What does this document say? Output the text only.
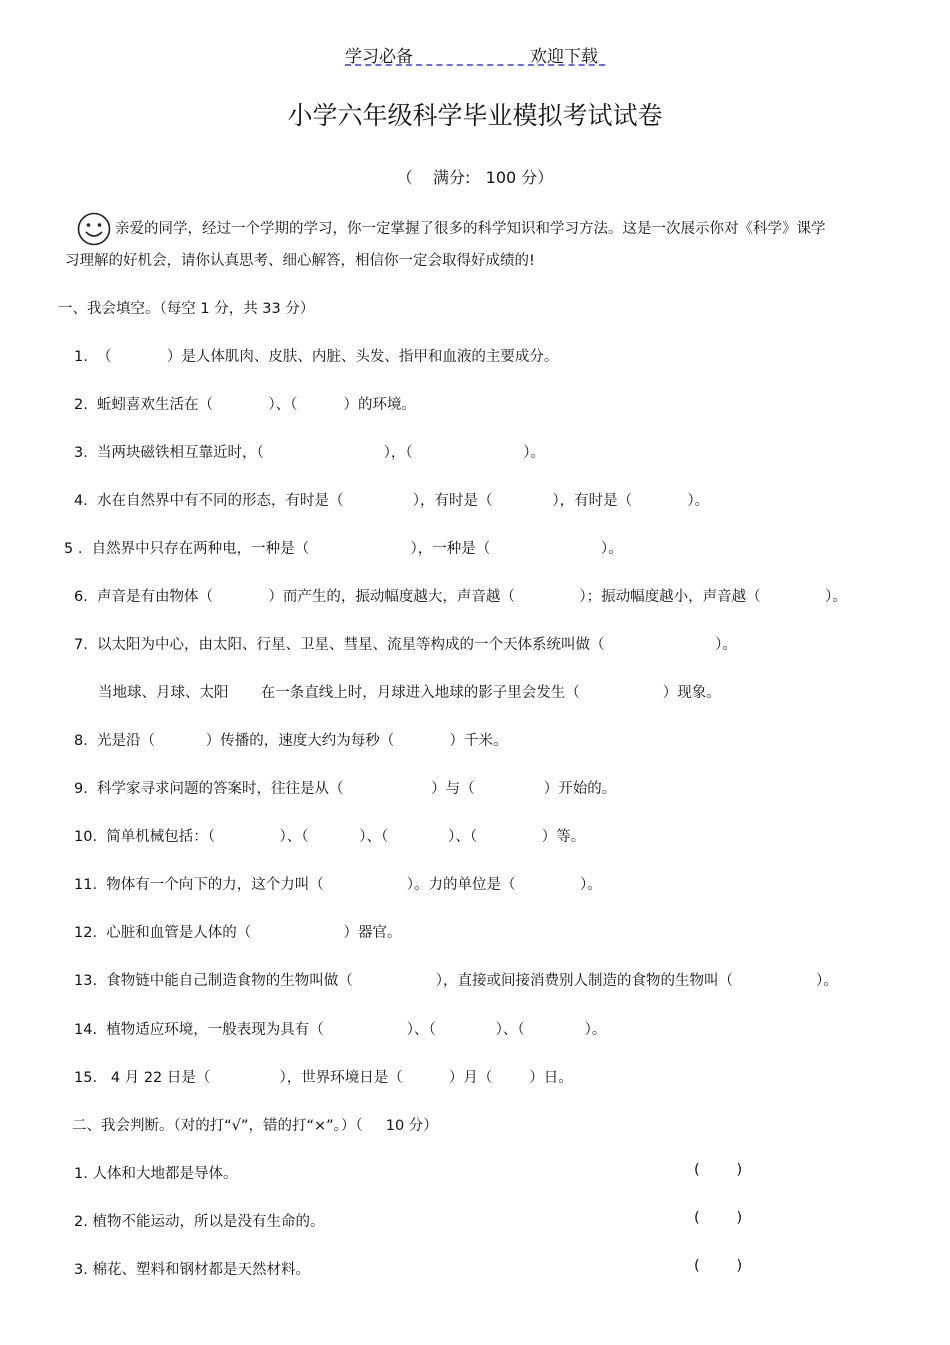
学习必备	欢迎下载
小学六年级科学毕业模拟考试试卷
（    满分:   100 分）
亲爱的同学，经过一个学期的学习，你一定掌握了很多的科学知识和学习方法。这是一次展示你对《科学》课学
习理解的好机会，请你认真思考、细心解答，相信你一定会取得好成绩的!
一、我会填空。（每空 1 分，共 33 分）
1.  （            ）是人体肌肉、皮肤、内脏、头发、指甲和血液的主要成分。
2.  蚯蚓喜欢生活在（            ）、（          ）的环境。
3.  当两块磁铁相互靠近时，（                          ），（                        ）。
4.  水在自然界中有不同的形态，有时是（               ），有时是（             ），有时是（            ）。
5 .  自然界中只存在两种电，一种是（                      ），一种是（                        ）。
6.  声音是有由物体（            ）而产生的，振动幅度越大，声音越（              ）；振动幅度越小，声音越（              ）。
7.  以太阳为中心，由太阳、行星、卫星、彗星、流星等构成的一个天体系统叫做（                        ）。
当地球、月球、太阳       在一条直线上时，月球进入地球的影子里会发生（                  ）现象。
8.  光是沿（           ）传播的，速度大约为每秒（            ）千米。
9.  科学家寻求问题的答案时，往往是从（                   ）与（               ）开始的。
10.  简单机械包括：（              ）、（           ）、（             ）、（              ）等。
11.  物体有一个向下的力，这个力叫（                  ）。力的单位是（              ）。
12.  心脏和血管是人体的（                    ）器官。
13.  食物链中能自己制造食物的生物叫做（                  ），直接或间接消费别人制造的食物的生物叫（                  ）。
14.  植物适应环境，一般表现为具有（                  ）、（             ）、（             ）。
15.   4 月 22 日是（               ），世界环境日是（          ）月（        ）日。
二、我会判断。（对的打“√”，错的打“×”。）（     10 分）
1. 人体和大地都是导体。	(        )
2. 植物不能运动，所以是没有生命的。	(        )
3. 棉花、塑料和钢材都是天然材料。	(        )
